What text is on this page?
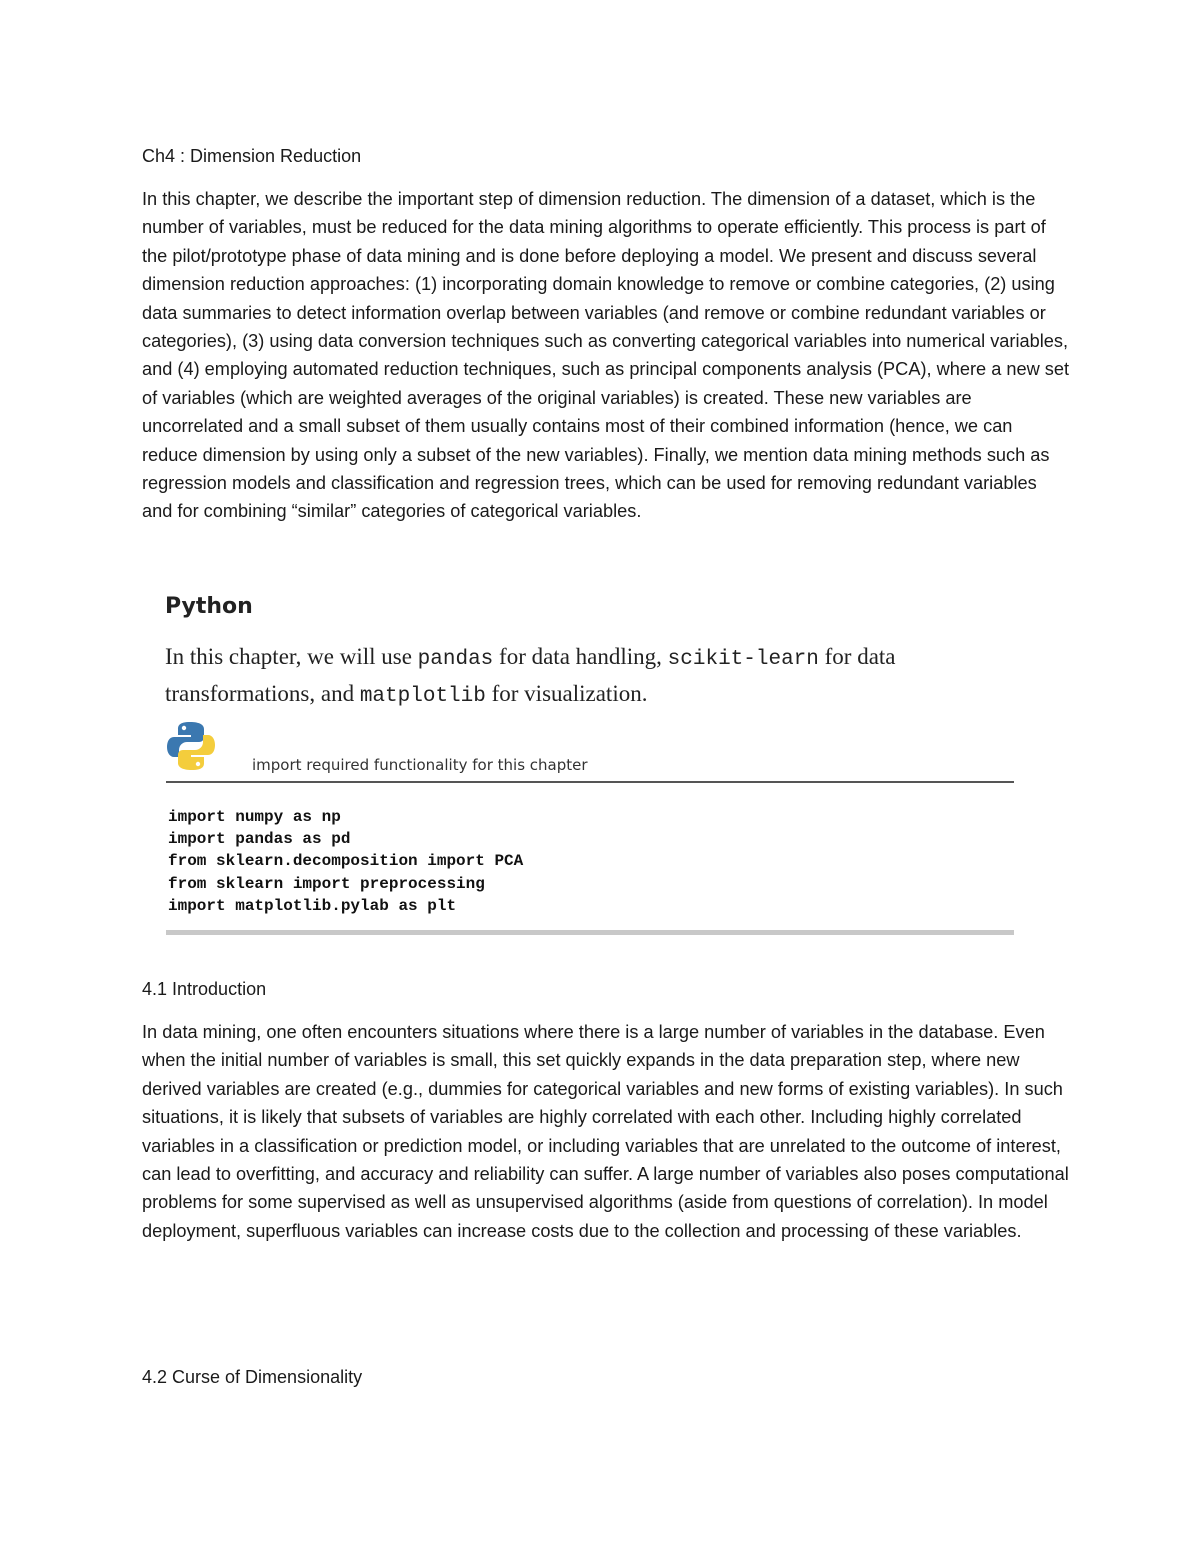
Ch4 : Dimension Reduction

In this chapter, we describe the important step of dimension reduction. The dimension of a dataset, which is the number of variables, must be reduced for the data mining algorithms to operate efficiently. This process is part of the pilot/prototype phase of data mining and is done before deploying a model. We present and discuss several dimension reduction approaches: (1) incorporating domain knowledge to remove or combine categories, (2) using data summaries to detect information overlap between variables (and remove or combine redundant variables or categories), (3) using data conversion techniques such as converting categorical variables into numerical variables, and (4) employing automated reduction techniques, such as principal components analysis (PCA), where a new set of variables (which are weighted averages of the original variables) is created. These new variables are uncorrelated and a small subset of them usually contains most of their combined information (hence, we can reduce dimension by using only a subset of the new variables). Finally, we mention data mining methods such as regression models and classification and regression trees, which can be used for removing redundant variables and for combining “similar” categories of categorical variables.

Python

In this chapter, we will use pandas for data handling, scikit-learn for data transformations, and matplotlib for visualization.

import required functionality for this chapter
import numpy as np
import pandas as pd
from sklearn.decomposition import PCA
from sklearn import preprocessing
import matplotlib.pylab as plt
4.1 Introduction

In data mining, one often encounters situations where there is a large number of variables in the database. Even when the initial number of variables is small, this set quickly expands in the data preparation step, where new derived variables are created (e.g., dummies for categorical variables and new forms of existing variables). In such situations, it is likely that subsets of variables are highly correlated with each other. Including highly correlated variables in a classification or prediction model, or including variables that are unrelated to the outcome of interest, can lead to overfitting, and accuracy and reliability can suffer. A large number of variables also poses computational problems for some supervised as well as unsupervised algorithms (aside from questions of correlation). In model deployment, superfluous variables can increase costs due to the collection and processing of these variables.

4.2 Curse of Dimensionality
